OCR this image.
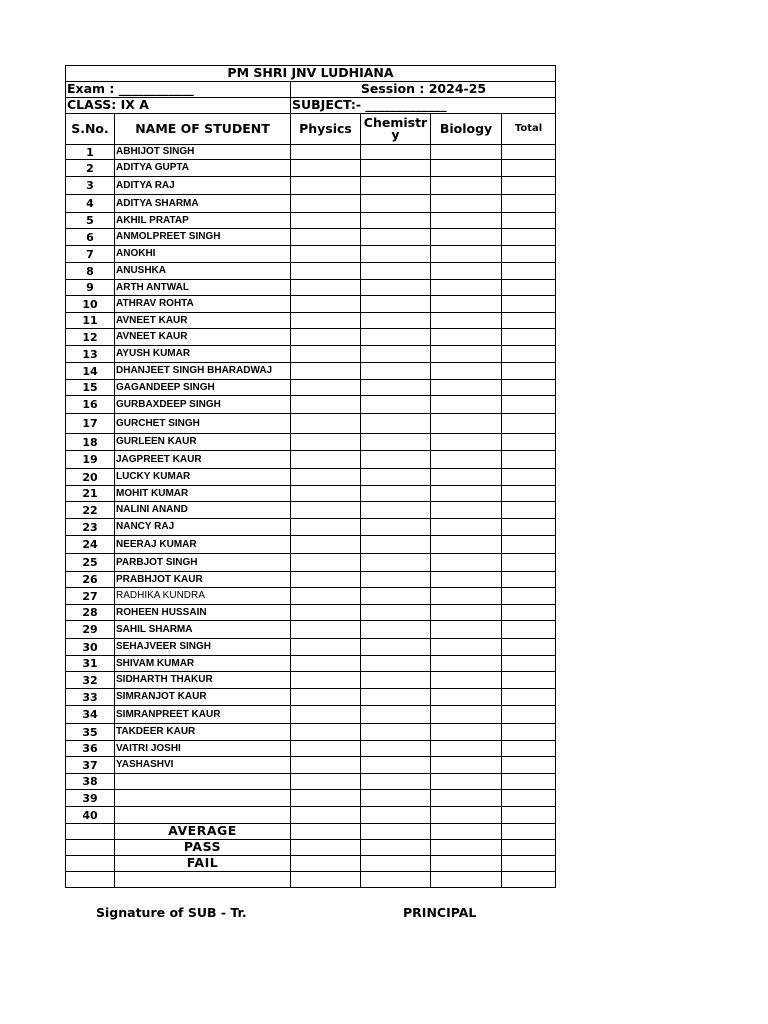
PM SHRI JNV LUDHIANA					
Exam : ____________		Session : 2024-25			
CLASS: IX A		SUBJECT:- _____________			
S.No.	NAME OF STUDENT	Physics	Chemistry	Biology	Total
1	ABHIJOT SINGH				
2	ADITYA GUPTA				
3	ADITYA RAJ				
4	ADITYA SHARMA				
5	AKHIL PRATAP				
6	ANMOLPREET SINGH				
7	ANOKHI				
8	ANUSHKA				
9	ARTH ANTWAL				
10	ATHRAV ROHTA				
11	AVNEET KAUR				
12	AVNEET KAUR				
13	AYUSH KUMAR				
14	DHANJEET SINGH BHARADWAJ				
15	GAGANDEEP SINGH				
16	GURBAXDEEP SINGH				
17	GURCHET SINGH				
18	GURLEEN KAUR				
19	JAGPREET KAUR				
20	LUCKY KUMAR				
21	MOHIT KUMAR				
22	NALINI ANAND				
23	NANCY RAJ				
24	NEERAJ KUMAR				
25	PARBJOT SINGH				
26	PRABHJOT KAUR				
27	RADHIKA KUNDRA				
28	ROHEEN HUSSAIN				
29	SAHIL SHARMA				
30	SEHAJVEER SINGH				
31	SHIVAM KUMAR				
32	SIDHARTH THAKUR				
33	SIMRANJOT KAUR				
34	SIMRANPREET KAUR				
35	TAKDEER KAUR				
36	VAITRI JOSHI				
37	YASHASHVI				
38					
39					
40					
	AVERAGE				
	PASS				
	FAIL				

Signature of SUB - Tr.	PRINCIPAL
